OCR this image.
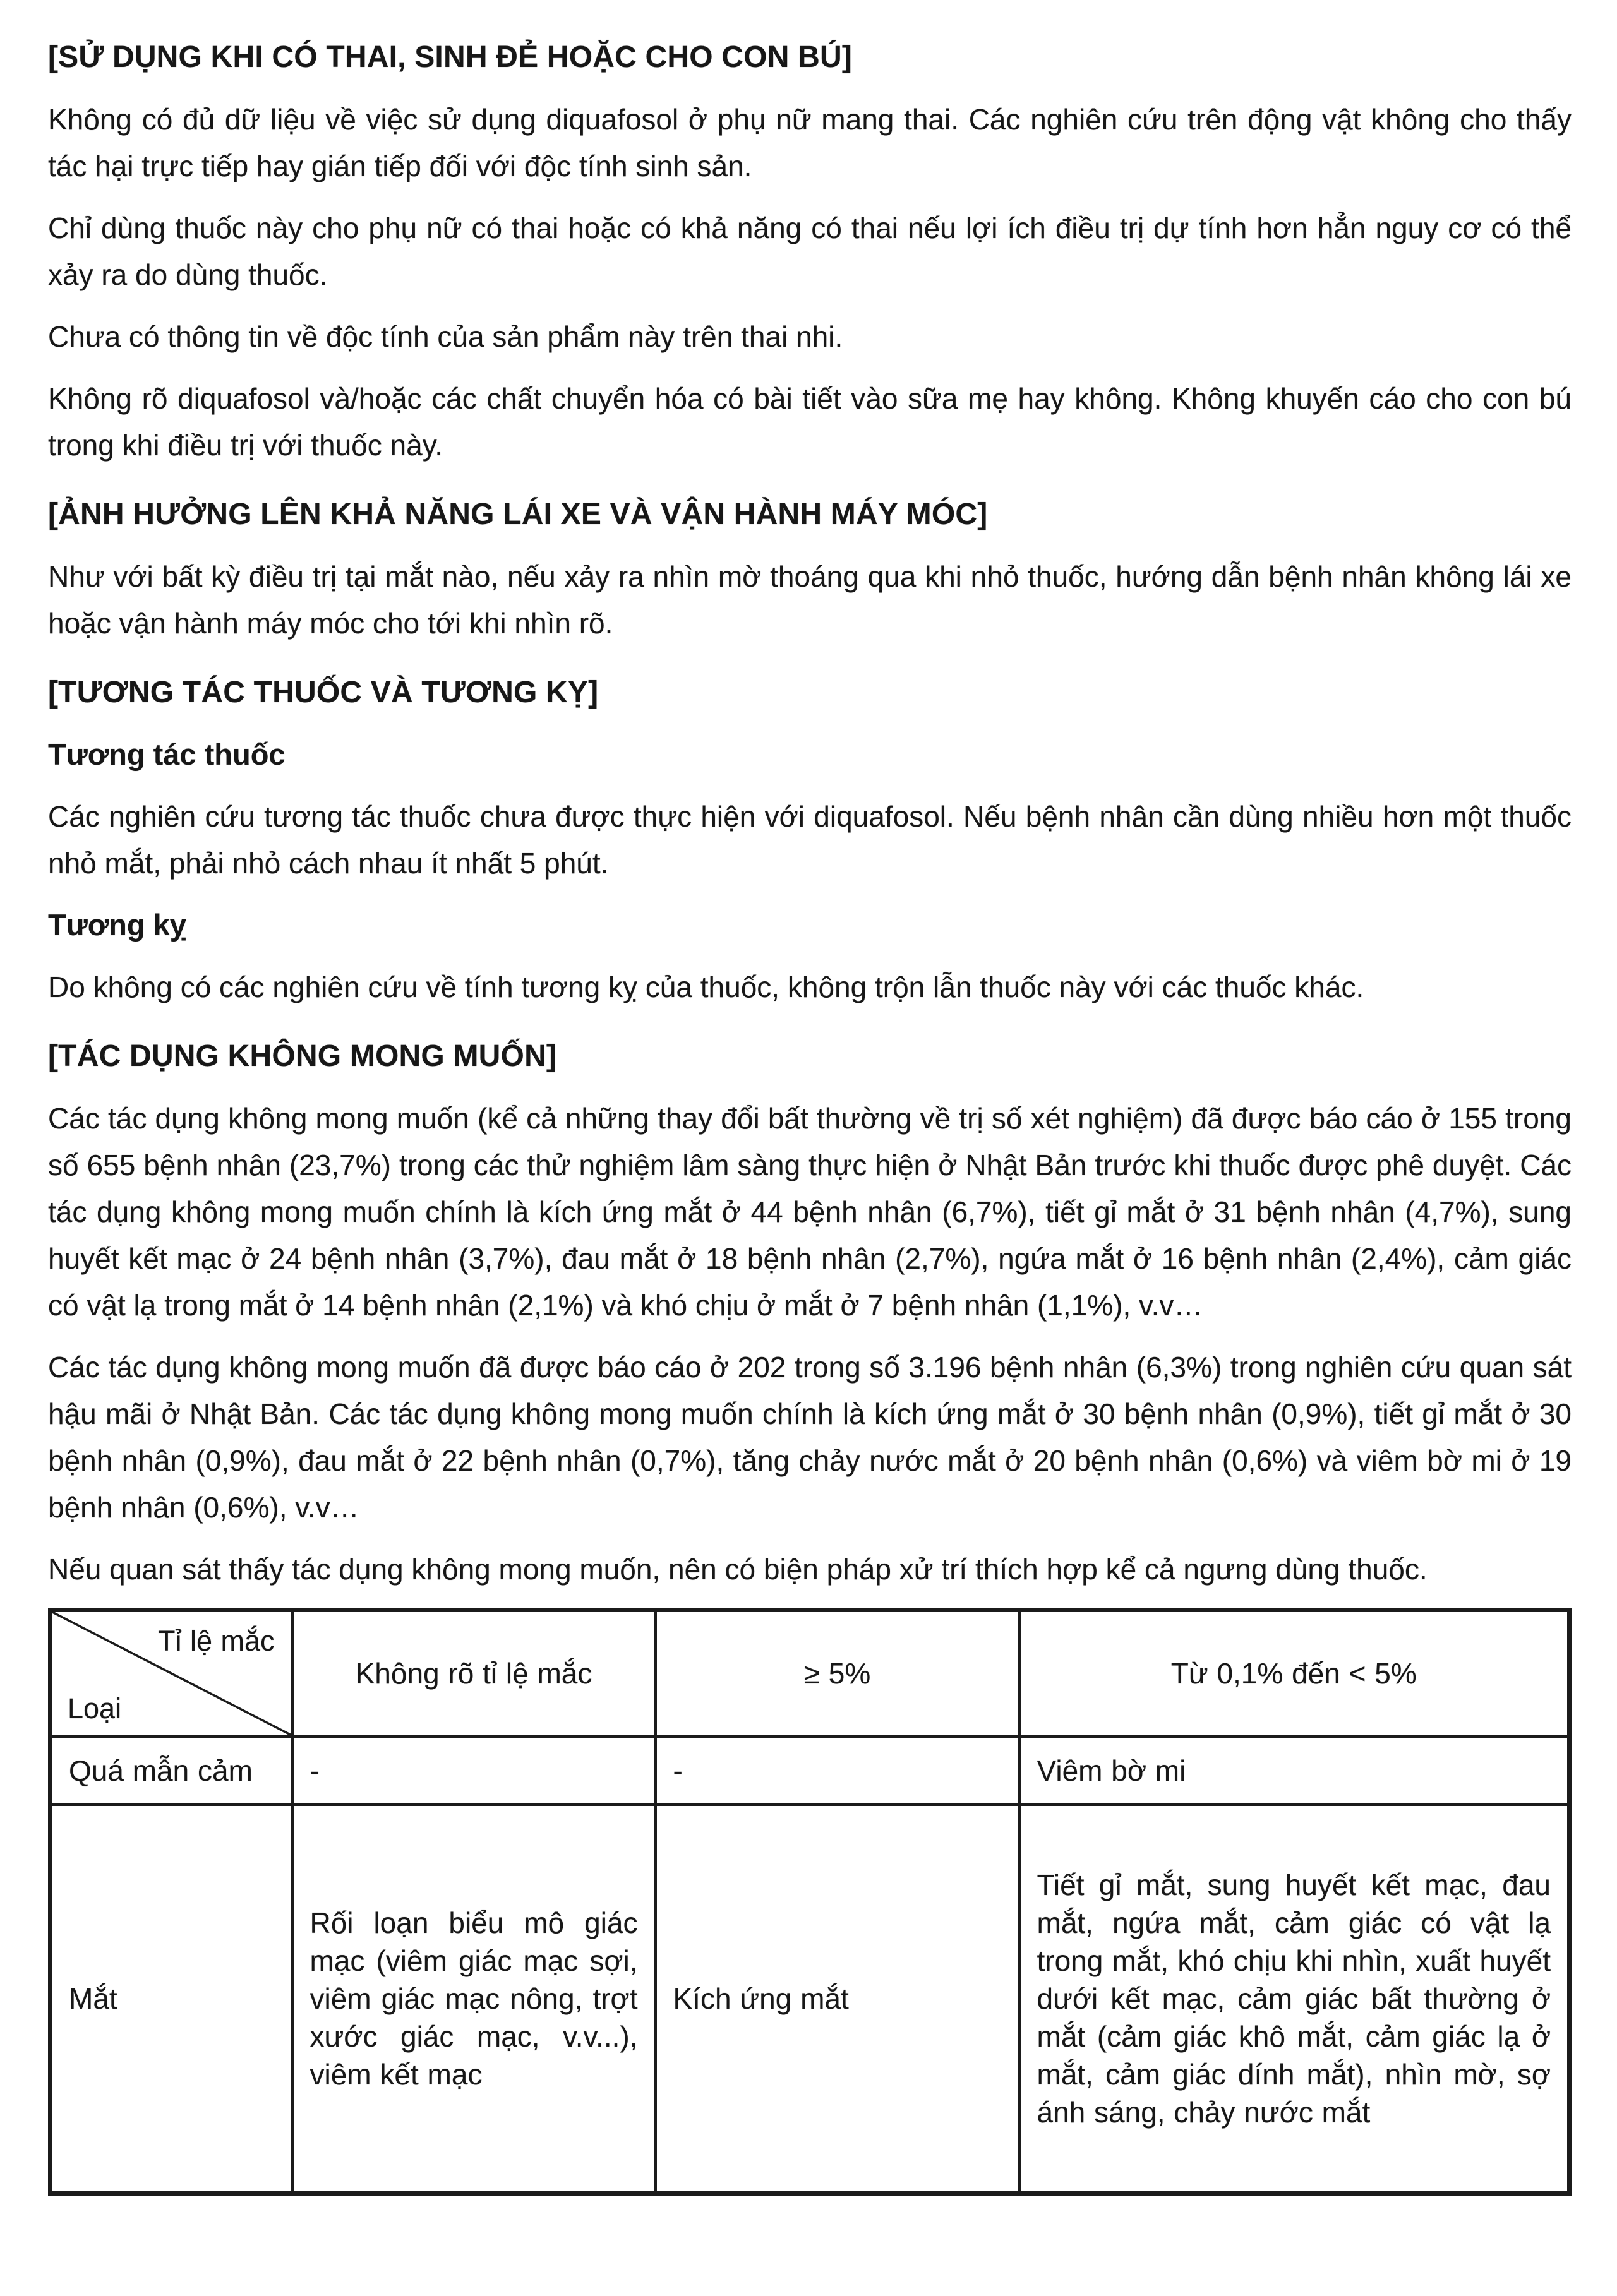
[SỬ DỤNG KHI CÓ THAI, SINH ĐẺ HOẶC CHO CON BÚ]

Không có đủ dữ liệu về việc sử dụng diquafosol ở phụ nữ mang thai. Các nghiên cứu trên động vật không cho thấy tác hại trực tiếp hay gián tiếp đối với độc tính sinh sản.

Chỉ dùng thuốc này cho phụ nữ có thai hoặc có khả năng có thai nếu lợi ích điều trị dự tính hơn hẳn nguy cơ có thể xảy ra do dùng thuốc.

Chưa có thông tin về độc tính của sản phẩm này trên thai nhi.

Không rõ diquafosol và/hoặc các chất chuyển hóa có bài tiết vào sữa mẹ hay không. Không khuyến cáo cho con bú trong khi điều trị với thuốc này.

[ẢNH HƯỞNG LÊN KHẢ NĂNG LÁI XE VÀ VẬN HÀNH MÁY MÓC]

Như với bất kỳ điều trị tại mắt nào, nếu xảy ra nhìn mờ thoáng qua khi nhỏ thuốc, hướng dẫn bệnh nhân không lái xe hoặc vận hành máy móc cho tới khi nhìn rõ.

[TƯƠNG TÁC THUỐC VÀ TƯƠNG KỴ]
Tương tác thuốc

Các nghiên cứu tương tác thuốc chưa được thực hiện với diquafosol. Nếu bệnh nhân cần dùng nhiều hơn một thuốc nhỏ mắt, phải nhỏ cách nhau ít nhất 5 phút.

Tương kỵ

Do không có các nghiên cứu về tính tương kỵ của thuốc, không trộn lẫn thuốc này với các thuốc khác.

[TÁC DỤNG KHÔNG MONG MUỐN]

Các tác dụng không mong muốn (kể cả những thay đổi bất thường về trị số xét nghiệm) đã được báo cáo ở 155 trong số 655 bệnh nhân (23,7%) trong các thử nghiệm lâm sàng thực hiện ở Nhật Bản trước khi thuốc được phê duyệt. Các tác dụng không mong muốn chính là kích ứng mắt ở 44 bệnh nhân (6,7%), tiết gỉ mắt ở 31 bệnh nhân (4,7%), sung huyết kết mạc ở 24 bệnh nhân (3,7%), đau mắt ở 18 bệnh nhân (2,7%), ngứa mắt ở 16 bệnh nhân (2,4%), cảm giác có vật lạ trong mắt ở 14 bệnh nhân (2,1%) và khó chịu ở mắt ở 7 bệnh nhân (1,1%), v.v…

Các tác dụng không mong muốn đã được báo cáo ở 202 trong số 3.196 bệnh nhân (6,3%) trong nghiên cứu quan sát hậu mãi ở Nhật Bản. Các tác dụng không mong muốn chính là kích ứng mắt ở 30 bệnh nhân (0,9%), tiết gỉ mắt ở 30 bệnh nhân (0,9%), đau mắt ở 22 bệnh nhân (0,7%), tăng chảy nước mắt ở 20 bệnh nhân (0,6%) và viêm bờ mi ở 19 bệnh nhân (0,6%), v.v…

Nếu quan sát thấy tác dụng không mong muốn, nên có biện pháp xử trí thích hợp kể cả ngưng dùng thuốc.

Tỉ lệ mắc
Loại	Không rõ tỉ lệ mắc	≥ 5%	Từ 0,1% đến < 5%
Quá mẫn cảm	-	-	Viêm bờ mi
Mắt	Rối loạn biểu mô giác mạc (viêm giác mạc sợi, viêm giác mạc nông, trợt xước giác mạc, v.v...), viêm kết mạc	Kích ứng mắt	Tiết gỉ mắt, sung huyết kết mạc, đau mắt, ngứa mắt, cảm giác có vật lạ trong mắt, khó chịu khi nhìn, xuất huyết dưới kết mạc, cảm giác bất thường ở mắt (cảm giác khô mắt, cảm giác lạ ở mắt, cảm giác dính mắt), nhìn mờ, sợ ánh sáng, chảy nước mắt
